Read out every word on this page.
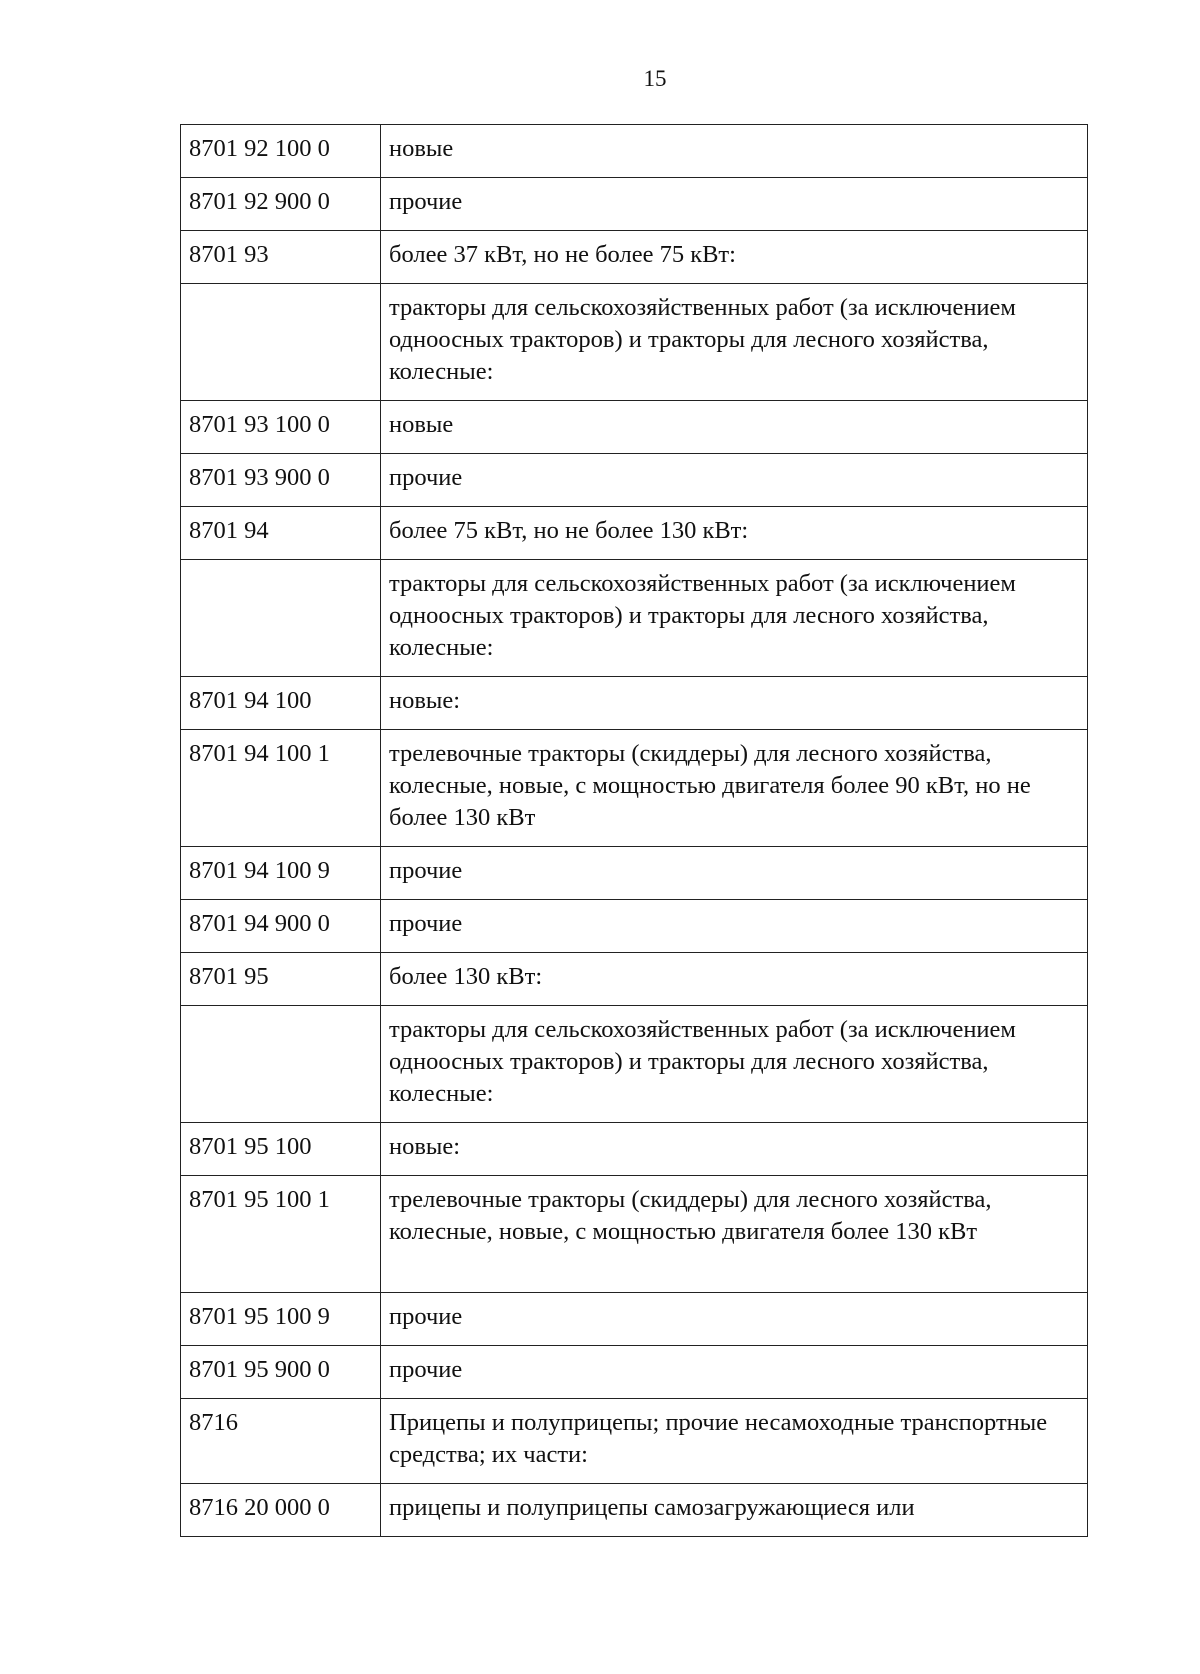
15
8701 92 100 0	новые
8701 92 900 0	прочие
8701 93	более 37 кВт, но не более 75 кВт:
	тракторы для сельскохозяйственных работ (за исключением одноосных тракторов) и тракторы для лесного хозяйства, колесные:
8701 93 100 0	новые
8701 93 900 0	прочие
8701 94	более 75 кВт, но не более 130 кВт:
	тракторы для сельскохозяйственных работ (за исключением одноосных тракторов) и тракторы для лесного хозяйства, колесные:
8701 94 100	новые:
8701 94 100 1	трелевочные тракторы (скиддеры) для лесного хозяйства, колесные, новые, с мощностью двигателя более 90 кВт, но не более 130 кВт
8701 94 100 9	прочие
8701 94 900 0	прочие
8701 95	более 130 кВт:
	тракторы для сельскохозяйственных работ (за исключением одноосных тракторов) и тракторы для лесного хозяйства, колесные:
8701 95 100	новые:
8701 95 100 1	трелевочные тракторы (скиддеры) для лесного хозяйства, колесные, новые, с мощностью двигателя более 130 кВт
8701 95 100 9	прочие
8701 95 900 0	прочие
8716	Прицепы и полуприцепы; прочие несамоходные транспортные средства; их части:
8716 20 000 0	прицепы и полуприцепы самозагружающиеся или
